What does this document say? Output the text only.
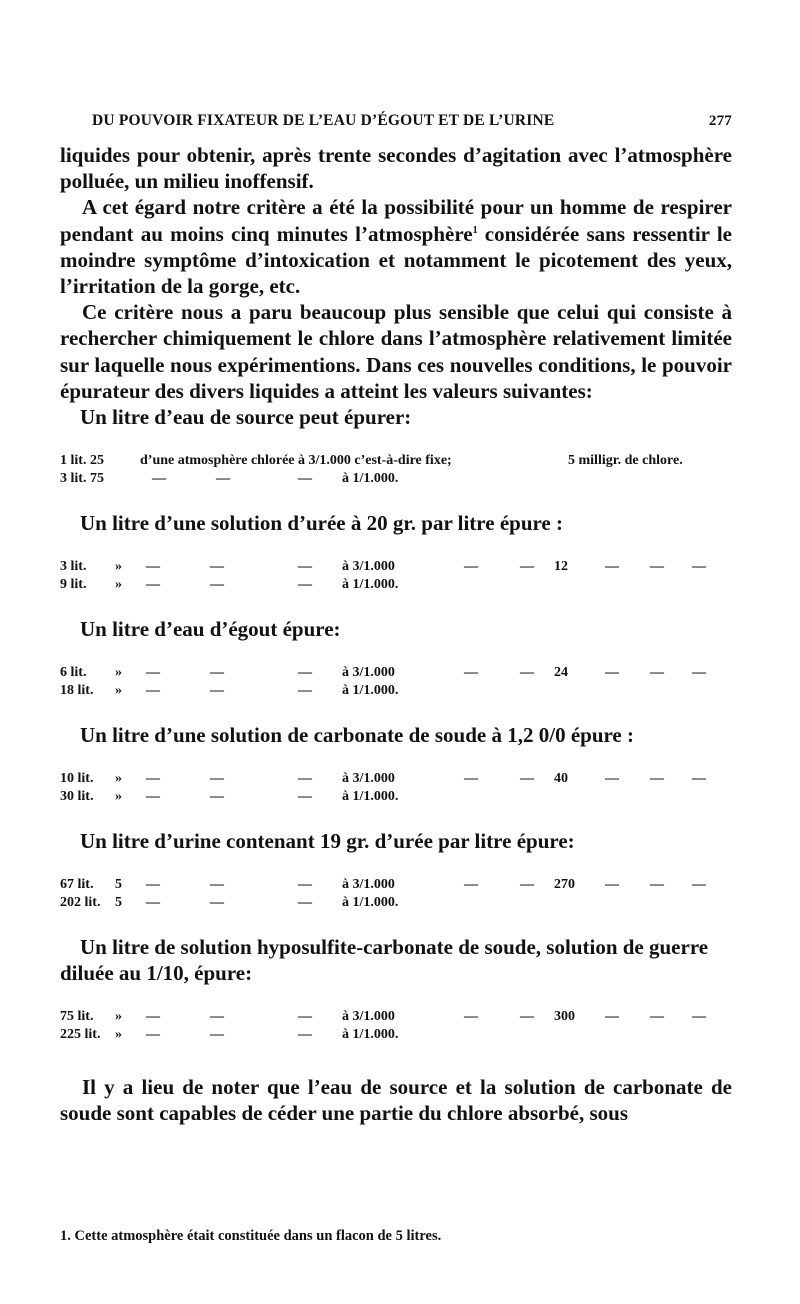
DU POUVOIR FIXATEUR DE L’EAU D’ÉGOUT ET DE L’URINE	277

liquides pour obtenir, après trente secondes d’agitation avec l’atmosphère polluée, un milieu inoffensif.

A cet égard notre critère a été la possibilité pour un homme de respirer pendant au moins cinq minutes l’atmosphère$^1$ considérée sans ressentir le moindre symptôme d’intoxication et notamment le picotement des yeux, l’irritation de la gorge, etc.

Ce critère nous a paru beaucoup plus sensible que celui qui consiste à rechercher chimiquement le chlore dans l’atmosphère relativement limitée sur laquelle nous expérimentions. Dans ces nouvelles conditions, le pouvoir épurateur des divers liquides a atteint les valeurs suivantes:

Un litre d’eau de source peut épurer:
1 lit. 25	d’une atmosphère chlorée à 3/1.000 c’est-à-dire fixe;	5 milligr. de chlore.
3 lit. 75	—	—	— à 1/1.000.
Un litre d’une solution d’urée à 20 gr. par litre épure :
3 lit.	» —	—	— à 3/1.000	—	— 12	— — —
9 lit.	» —	—	— à 1/1.000.
Un litre d’eau d’égout épure:
6 lit.	» —	—	— à 3/1.000	—	— 24	— — —
18 lit.	» —	—	— à 1/1.000.
Un litre d’une solution de carbonate de soude à 1,2 0/0 épure :
10 lit.	» —	—	— à 3/1.000	—	— 40	— — —
30 lit.	» —	—	— à 1/1.000.
Un litre d’urine contenant 19 gr. d’urée par litre épure:
67 lit.	5 —	—	— à 3/1.000	—	— 270 — — —
202 lit.	5 —	—	— à 1/1.000.
Un litre de solution hyposulfite-carbonate de soude, solution de guerre diluée au 1/10, épure:
75 lit.	» —	—	— à 3/1.000	—	— 300 — — —
225 lit.	» —	—	— à 1/1.000.

Il y a lieu de noter que l’eau de source et la solution de carbonate de soude sont capables de céder une partie du chlore absorbé, sous

1. Cette atmosphère était constituée dans un flacon de 5 litres.
